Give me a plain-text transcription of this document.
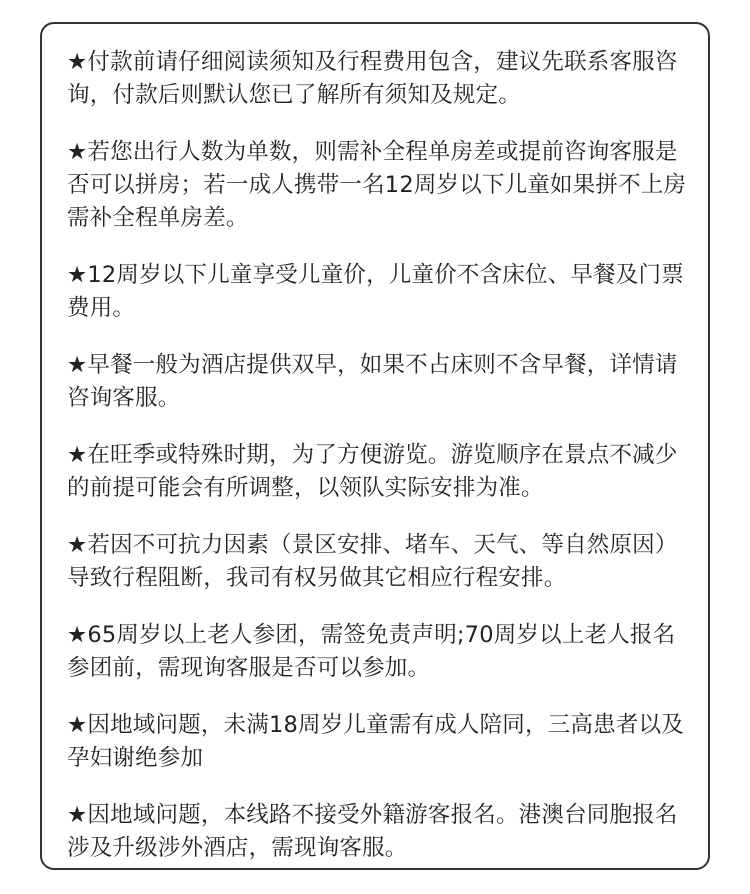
★付款前请仔细阅读须知及行程费用包含，建议先联系客服咨询，付款后则默认您已了解所有须知及规定。

★若您出行人数为单数，则需补全程单房差或提前咨询客服是否可以拼房；若一成人携带一名12周岁以下儿童如果拼不上房需补全程单房差。

★12周岁以下儿童享受儿童价，儿童价不含床位、早餐及门票费用。

★早餐一般为酒店提供双早，如果不占床则不含早餐，详情请咨询客服。

★在旺季或特殊时期，为了方便游览。游览顺序在景点不减少的前提可能会有所调整，以领队实际安排为准。

★若因不可抗力因素（景区安排、堵车、天气、等自然原因）导致行程阻断，我司有权另做其它相应行程安排。

★65周岁以上老人参团，需签免责声明;70周岁以上老人报名参团前，需现询客服是否可以参加。

★因地域问题，未满18周岁儿童需有成人陪同，三高患者以及孕妇谢绝参加

★因地域问题，本线路不接受外籍游客报名。港澳台同胞报名涉及升级涉外酒店，需现询客服。
